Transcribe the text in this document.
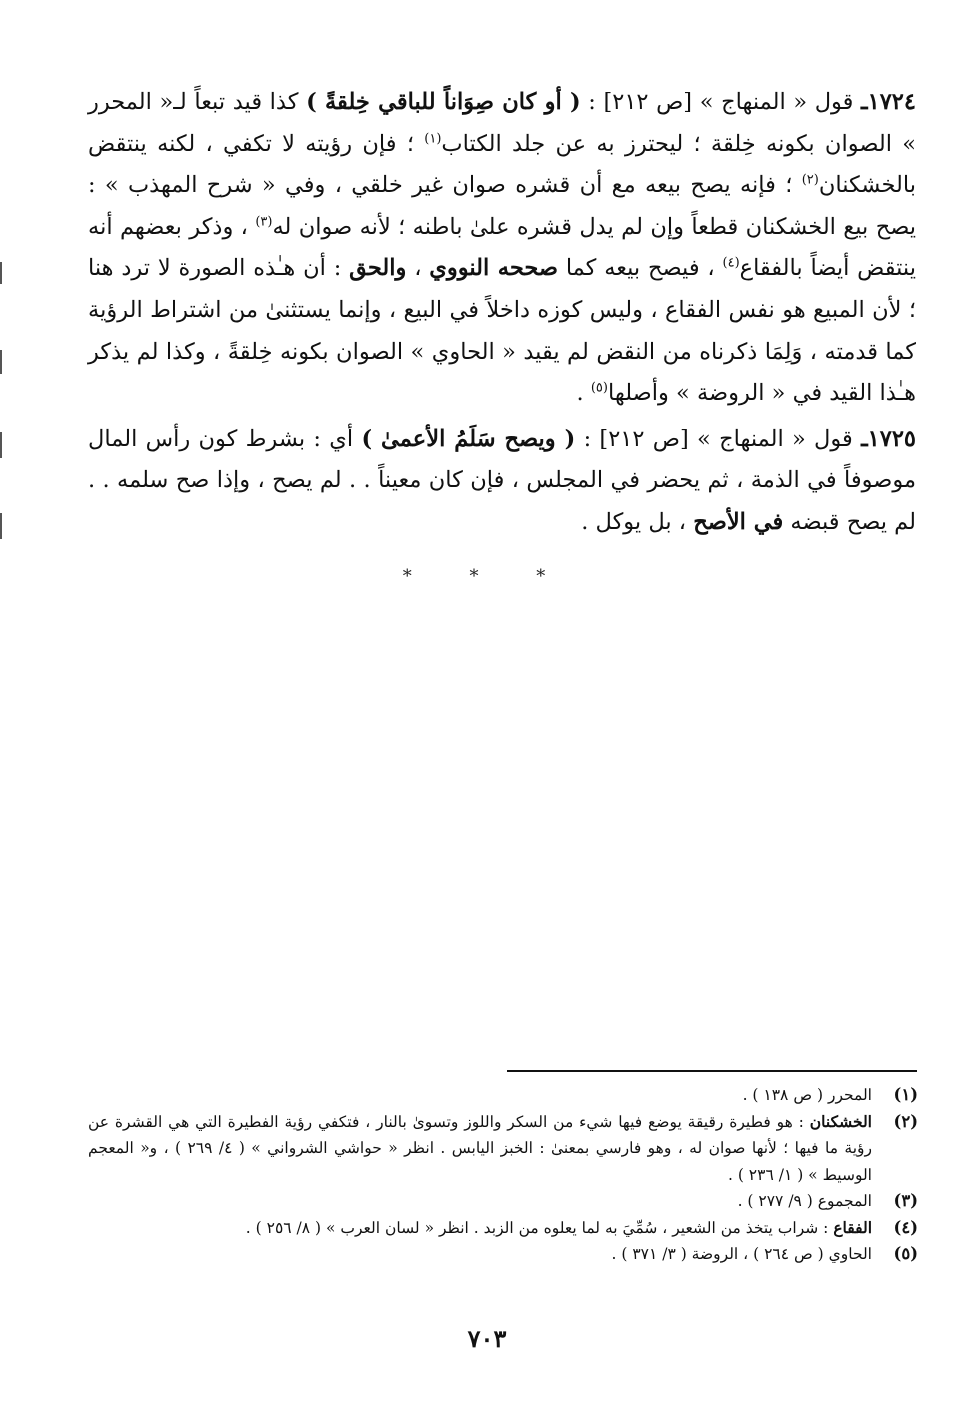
١٧٢٤ـ قول « المنهاج » [ص ٢١٢] : ( أو كان صِوَاناً للباقي خِلقةً ) كذا قيد تبعاً لـ« المحرر » الصوان بكونه خِلقة ؛ ليحترز به عن جلد الكتاب$^{(١)}$ ؛ فإن رؤيته لا تكفي ، لكنه ينتقض بالخشكنان$^{(٢)}$ ؛ فإنه يصح بيعه مع أن قشره صوان غير خلقي ، وفي « شرح المهذب » : يصح بيع الخشكنان قطعاً وإن لم يدل قشره علىٰ باطنه ؛ لأنه صوان له$^{(٣)}$ ، وذكر بعضهم أنه ينتقض أيضاً بالفقاع$^{(٤)}$ ، فيصح بيعه كما صححه النووي ، والحق : أن هـٰذه الصورة لا ترد هنا ؛ لأن المبيع هو نفس الفقاع ، وليس كوزه داخلاً في البيع ، وإنما يستثنىٰ من اشتراط الرؤية كما قدمته ، وَلِمَا ذكرناه من النقض لم يقيد « الحاوي » الصوان بكونه خِلقةً ، وكذا لم يذكر هـٰذا القيد في « الروضة » وأصلها$^{(٥)}$ .

١٧٢٥ـ قول « المنهاج » [ص ٢١٢] : ( ويصح سَلَمُ الأعمىٰ ) أي : بشرط كون رأس المال موصوفاً في الذمة ، ثم يحضر في المجلس ، فإن كان معيناً . . لم يصح ، وإذا صح سلمه . . لم يصح قبضه في الأصح ، بل يوكل .

* * *
(١)
المحرر ( ص ١٣٨ ) .
(٢)
الخشكنان : هو فطيرة رقيقة يوضع فيها شيء من السكر واللوز وتسوىٰ بالنار ، فتكفي رؤية الفطيرة التي هي القشرة عن رؤية ما فيها ؛ لأنها صوان له ، وهو فارسي بمعنىٰ : الخبز اليابس . انظر « حواشي الشرواني » ( ٤/ ٢٦٩ ) ، و« المعجم الوسيط » ( ١/ ٢٣٦ ) .
(٣)
المجموع ( ٩/ ٢٧٧ ) .
(٤)
الفقاع : شراب يتخذ من الشعير ، سُمِّيَ به لما يعلوه من الزبد . انظر « لسان العرب » ( ٨/ ٢٥٦ ) .
(٥)
الحاوي ( ص ٢٦٤ ) ، الروضة ( ٣/ ٣٧١ ) .
٧٠٣
